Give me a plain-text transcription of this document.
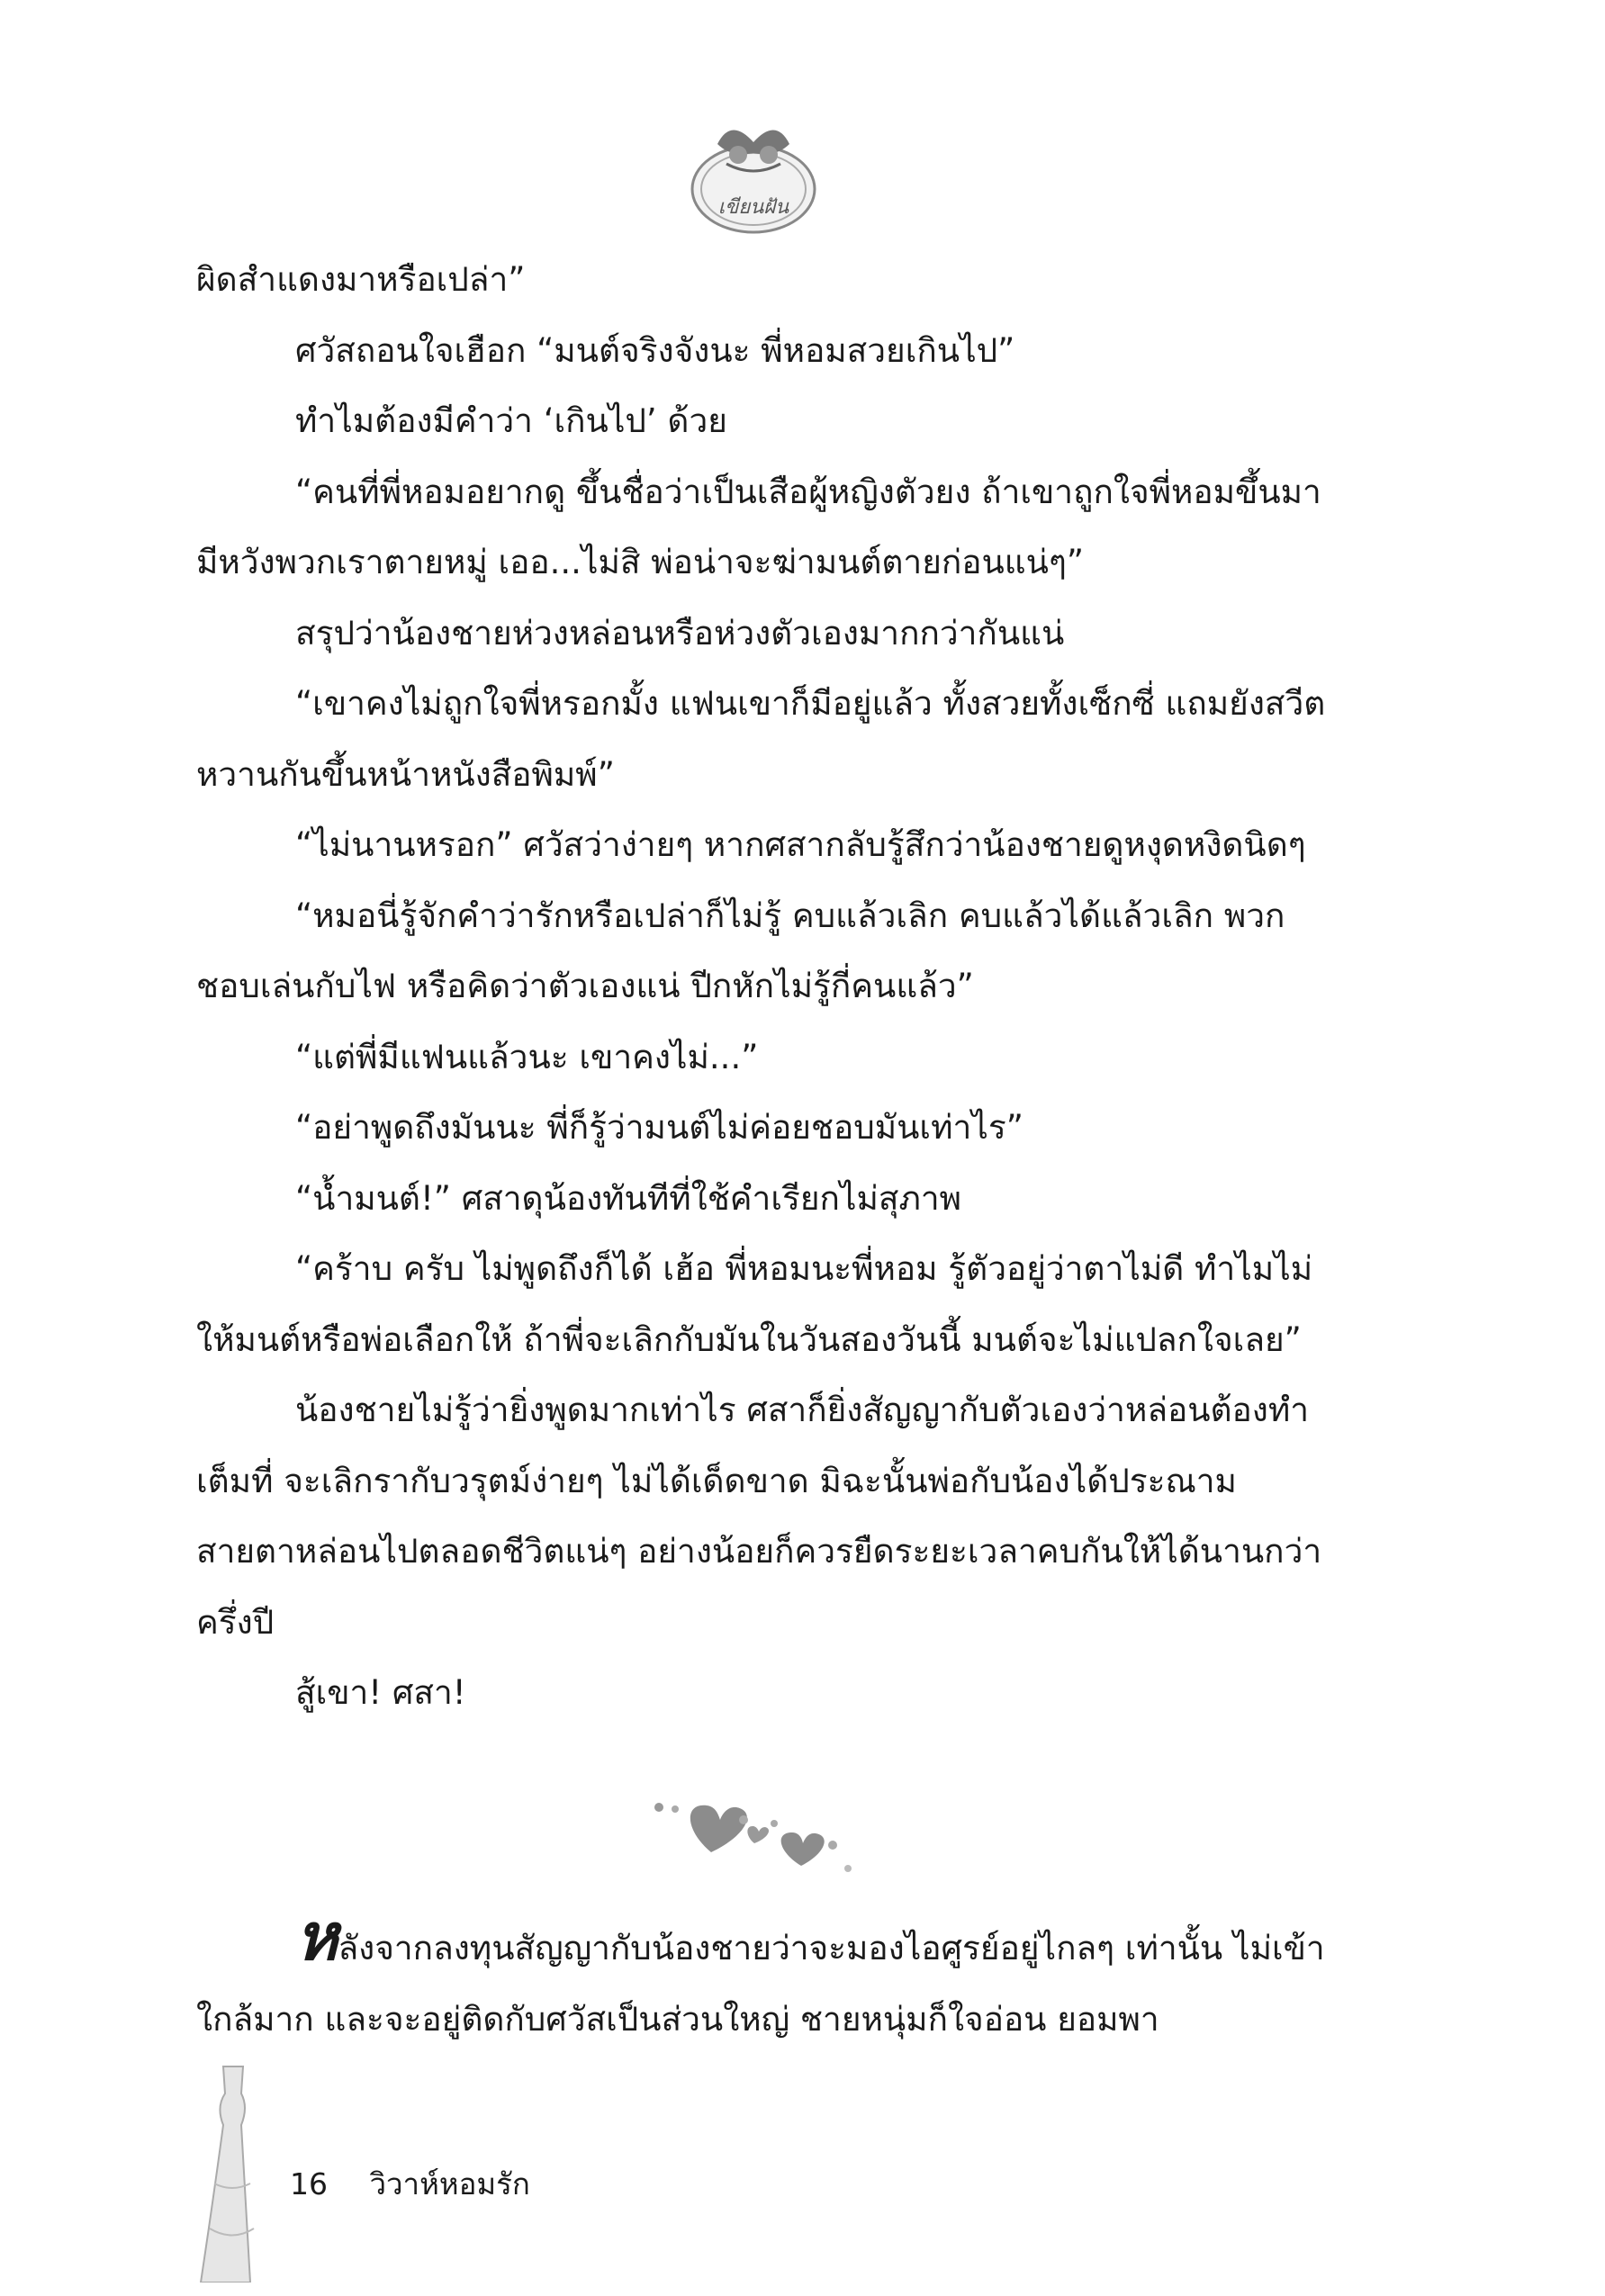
เขียนฝัน

ผิดสำแดงมาหรือเปล่า”

ศวัสถอนใจเฮือก “มนต์จริงจังนะ พี่หอมสวยเกินไป”

ทำไมต้องมีคำว่า ‘เกินไป’ ด้วย

“คนที่พี่หอมอยากดู ขึ้นชื่อว่าเป็นเสือผู้หญิงตัวยง ถ้าเขาถูกใจพี่หอมขึ้นมา มีหวังพวกเราตายหมู่ เออ...ไม่สิ พ่อน่าจะฆ่ามนต์ตายก่อนแน่ๆ”

สรุปว่าน้องชายห่วงหล่อนหรือห่วงตัวเองมากกว่ากันแน่

“เขาคงไม่ถูกใจพี่หรอกมั้ง แฟนเขาก็มีอยู่แล้ว ทั้งสวยทั้งเซ็กซี่ แถมยังสวีตหวานกันขึ้นหน้าหนังสือพิมพ์”

“ไม่นานหรอก” ศวัสว่าง่ายๆ หากศสากลับรู้สึกว่าน้องชายดูหงุดหงิดนิดๆ

“หมอนี่รู้จักคำว่ารักหรือเปล่าก็ไม่รู้ คบแล้วเลิก คบแล้วได้แล้วเลิก พวกชอบเล่นกับไฟ หรือคิดว่าตัวเองแน่ ปีกหักไม่รู้กี่คนแล้ว”

“แต่พี่มีแฟนแล้วนะ เขาคงไม่...”

“อย่าพูดถึงมันนะ พี่ก็รู้ว่ามนต์ไม่ค่อยชอบมันเท่าไร”

“น้ำมนต์!” ศสาดุน้องทันทีที่ใช้คำเรียกไม่สุภาพ

“คร้าบ ครับ ไม่พูดถึงก็ได้ เฮ้อ พี่หอมนะพี่หอม รู้ตัวอยู่ว่าตาไม่ดี ทำไมไม่ให้มนต์หรือพ่อเลือกให้ ถ้าพี่จะเลิกกับมันในวันสองวันนี้ มนต์จะไม่แปลกใจเลย”

น้องชายไม่รู้ว่ายิ่งพูดมากเท่าไร ศสาก็ยิ่งสัญญากับตัวเองว่าหล่อนต้องทำเต็มที่ จะเลิกรากับวรุตม์ง่ายๆ ไม่ได้เด็ดขาด มิฉะนั้นพ่อกับน้องได้ประณามสายตาหล่อนไปตลอดชีวิตแน่ๆ อย่างน้อยก็ควรยืดระยะเวลาคบกันให้ได้นานกว่าครึ่งปี

สู้เขา! ศสา!

หลังจากลงทุนสัญญากับน้องชายว่าจะมองไอศูรย์อยู่ไกลๆ เท่านั้น ไม่เข้าใกล้มาก และจะอยู่ติดกับศวัสเป็นส่วนใหญ่ ชายหนุ่มก็ใจอ่อน ยอมพา

16 วิวาห์หอมรัก
